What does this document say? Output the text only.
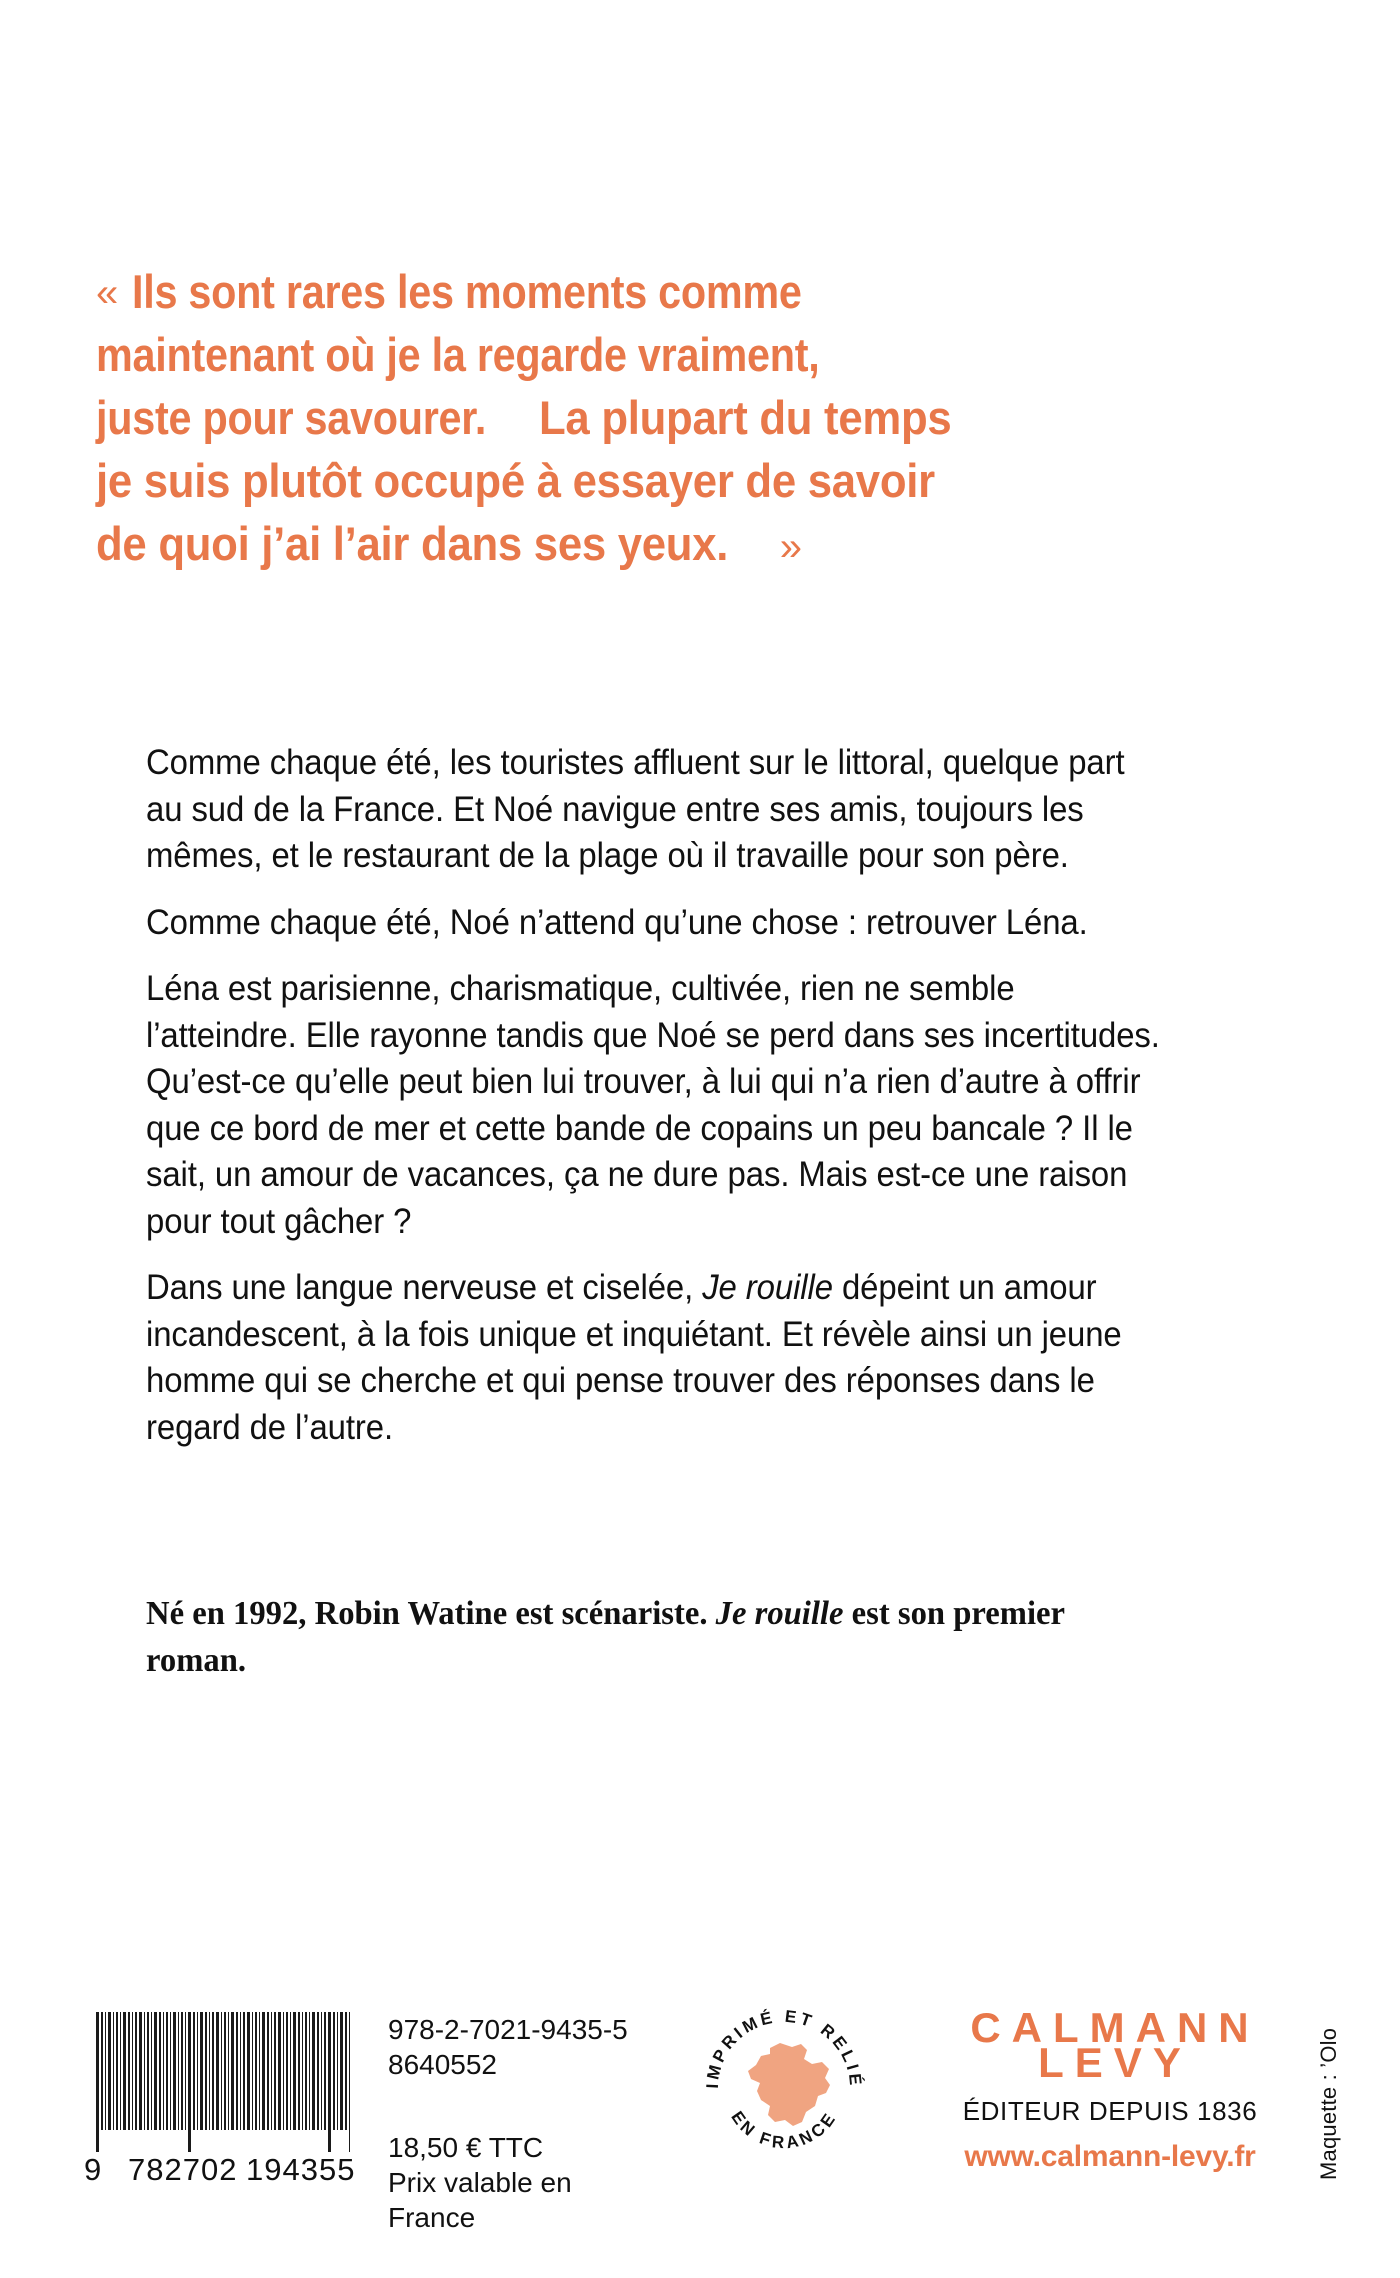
« Ils sont rares les moments comme

maintenant où je la regarde vraiment,

juste pour savourer.La plupart du temps

je suis plutôt occupé à essayer de savoir

de quoi j’ai l’air dans ses yeux. »

Comme chaque été, les touristes affluent sur le littoral, quelque part au sud de la France. Et Noé navigue entre ses amis, toujours les mêmes, et le restaurant de la plage où il travaille pour son père.

Comme chaque été, Noé n’attend qu’une chose : retrouver Léna.

Léna est parisienne, charismatique, cultivée, rien ne semble l’atteindre. Elle rayonne tandis que Noé se perd dans ses incertitudes. Qu’est-ce qu’elle peut bien lui trouver, à lui qui n’a rien d’autre à offrir que ce bord de mer et cette bande de copains un peu bancale ? Il le sait, un amour de vacances, ça ne dure pas. Mais est-ce une raison pour tout gâcher ?

Dans une langue nerveuse et ciselée, Je rouille dépeint un amour incandescent, à la fois unique et inquiétant. Et révèle ainsi un jeune homme qui se cherche et qui pense trouver des réponses dans le regard de l’autre.

Né en 1992, Robin Watine est scénariste. Je rouille est son premier roman.

9 782702 194355
978-2-7021-9435-5
8640552
18,50 € TTC
Prix valable en France
IMPRIMÉ ET RELIÉ
EN FRANCE
CALMANN
LEVY
ÉDITEUR DEPUIS 1836
www.calmann-levy.fr	Maquette : ’Olo
